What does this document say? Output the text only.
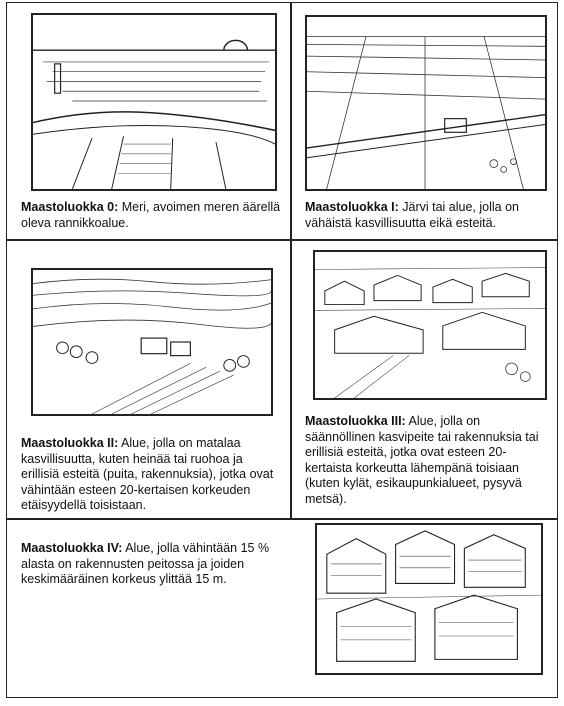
Maastoluokka 0: Meri, avoimen meren äärellä oleva rannikkoalue.
Maastoluokka I: Järvi tai alue, jolla on vähäistä kasvillisuutta eikä esteitä.
Maastoluokka II: Alue, jolla on matalaa kasvillisuutta, kuten heinää tai ruohoa ja erillisiä esteitä (puita, rakennuksia), jotka ovat vähintään esteen 20-kertaisen korkeuden etäisyydellä toisistaan.
Maastoluokka III: Alue, jolla on säännöllinen kasvipeite tai rakennuksia tai erillisiä esteitä, jotka ovat esteen 20-kertaista korkeutta lähempänä toisiaan (kuten kylät, esikaupunkialueet, pysyvä metsä).
Maastoluokka IV: Alue, jolla vähintään 15 % alasta on rakennusten peitossa ja joiden keskimääräinen korkeus ylittää 15 m.
